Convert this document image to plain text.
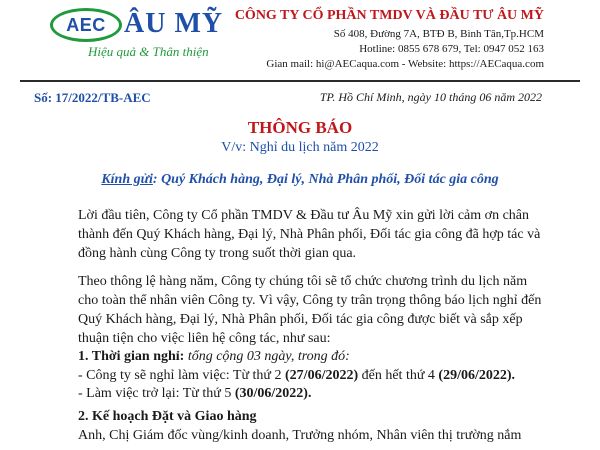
AEC ÂU MỸ
Hiệu quả & Thân thiện
CÔNG TY CỔ PHẦN TMDV VÀ ĐẦU TƯ ÂU MỸ
Số 408, Đường 7A, BTĐ B, Bình Tân,Tp.HCM
Hotline: 0855 678 679, Tel: 0947 052 163
Gian mail: hi@AECaqua.com - Website: https://AECaqua.com
Số: 17/2022/TB-AEC	TP. Hồ Chí Minh, ngày 10 tháng 06 năm 2022
THÔNG BÁO
V/v: Nghỉ du lịch năm 2022
Kính gửi: Quý Khách hàng, Đại lý, Nhà Phân phối, Đối tác gia công
Lời đầu tiên, Công ty Cổ phần TMDV & Đầu tư Âu Mỹ xin gửi lời cảm ơn chân thành đến Quý Khách hàng, Đại lý, Nhà Phân phối, Đối tác gia công đã hợp tác và đồng hành cùng Công ty trong suốt thời gian qua.
Theo thông lệ hàng năm, Công ty chúng tôi sẽ tổ chức chương trình du lịch năm cho toàn thể nhân viên Công ty. Vì vậy, Công ty trân trọng thông báo lịch nghỉ đến Quý Khách hàng, Đại lý, Nhà Phân phối, Đối tác gia công được biết và sắp xếp thuận tiện cho việc liên hệ công tác, như sau:
1. Thời gian nghỉ: tổng cộng 03 ngày, trong đó:
- Công ty sẽ nghỉ làm việc: Từ thứ 2 (27/06/2022) đến hết thứ 4 (29/06/2022).
- Làm việc trở lại: Từ thứ 5 (30/06/2022).
2. Kế hoạch Đặt và Giao hàng
Anh, Chị Giám đốc vùng/kinh doanh, Trưởng nhóm, Nhân viên thị trường nắm
